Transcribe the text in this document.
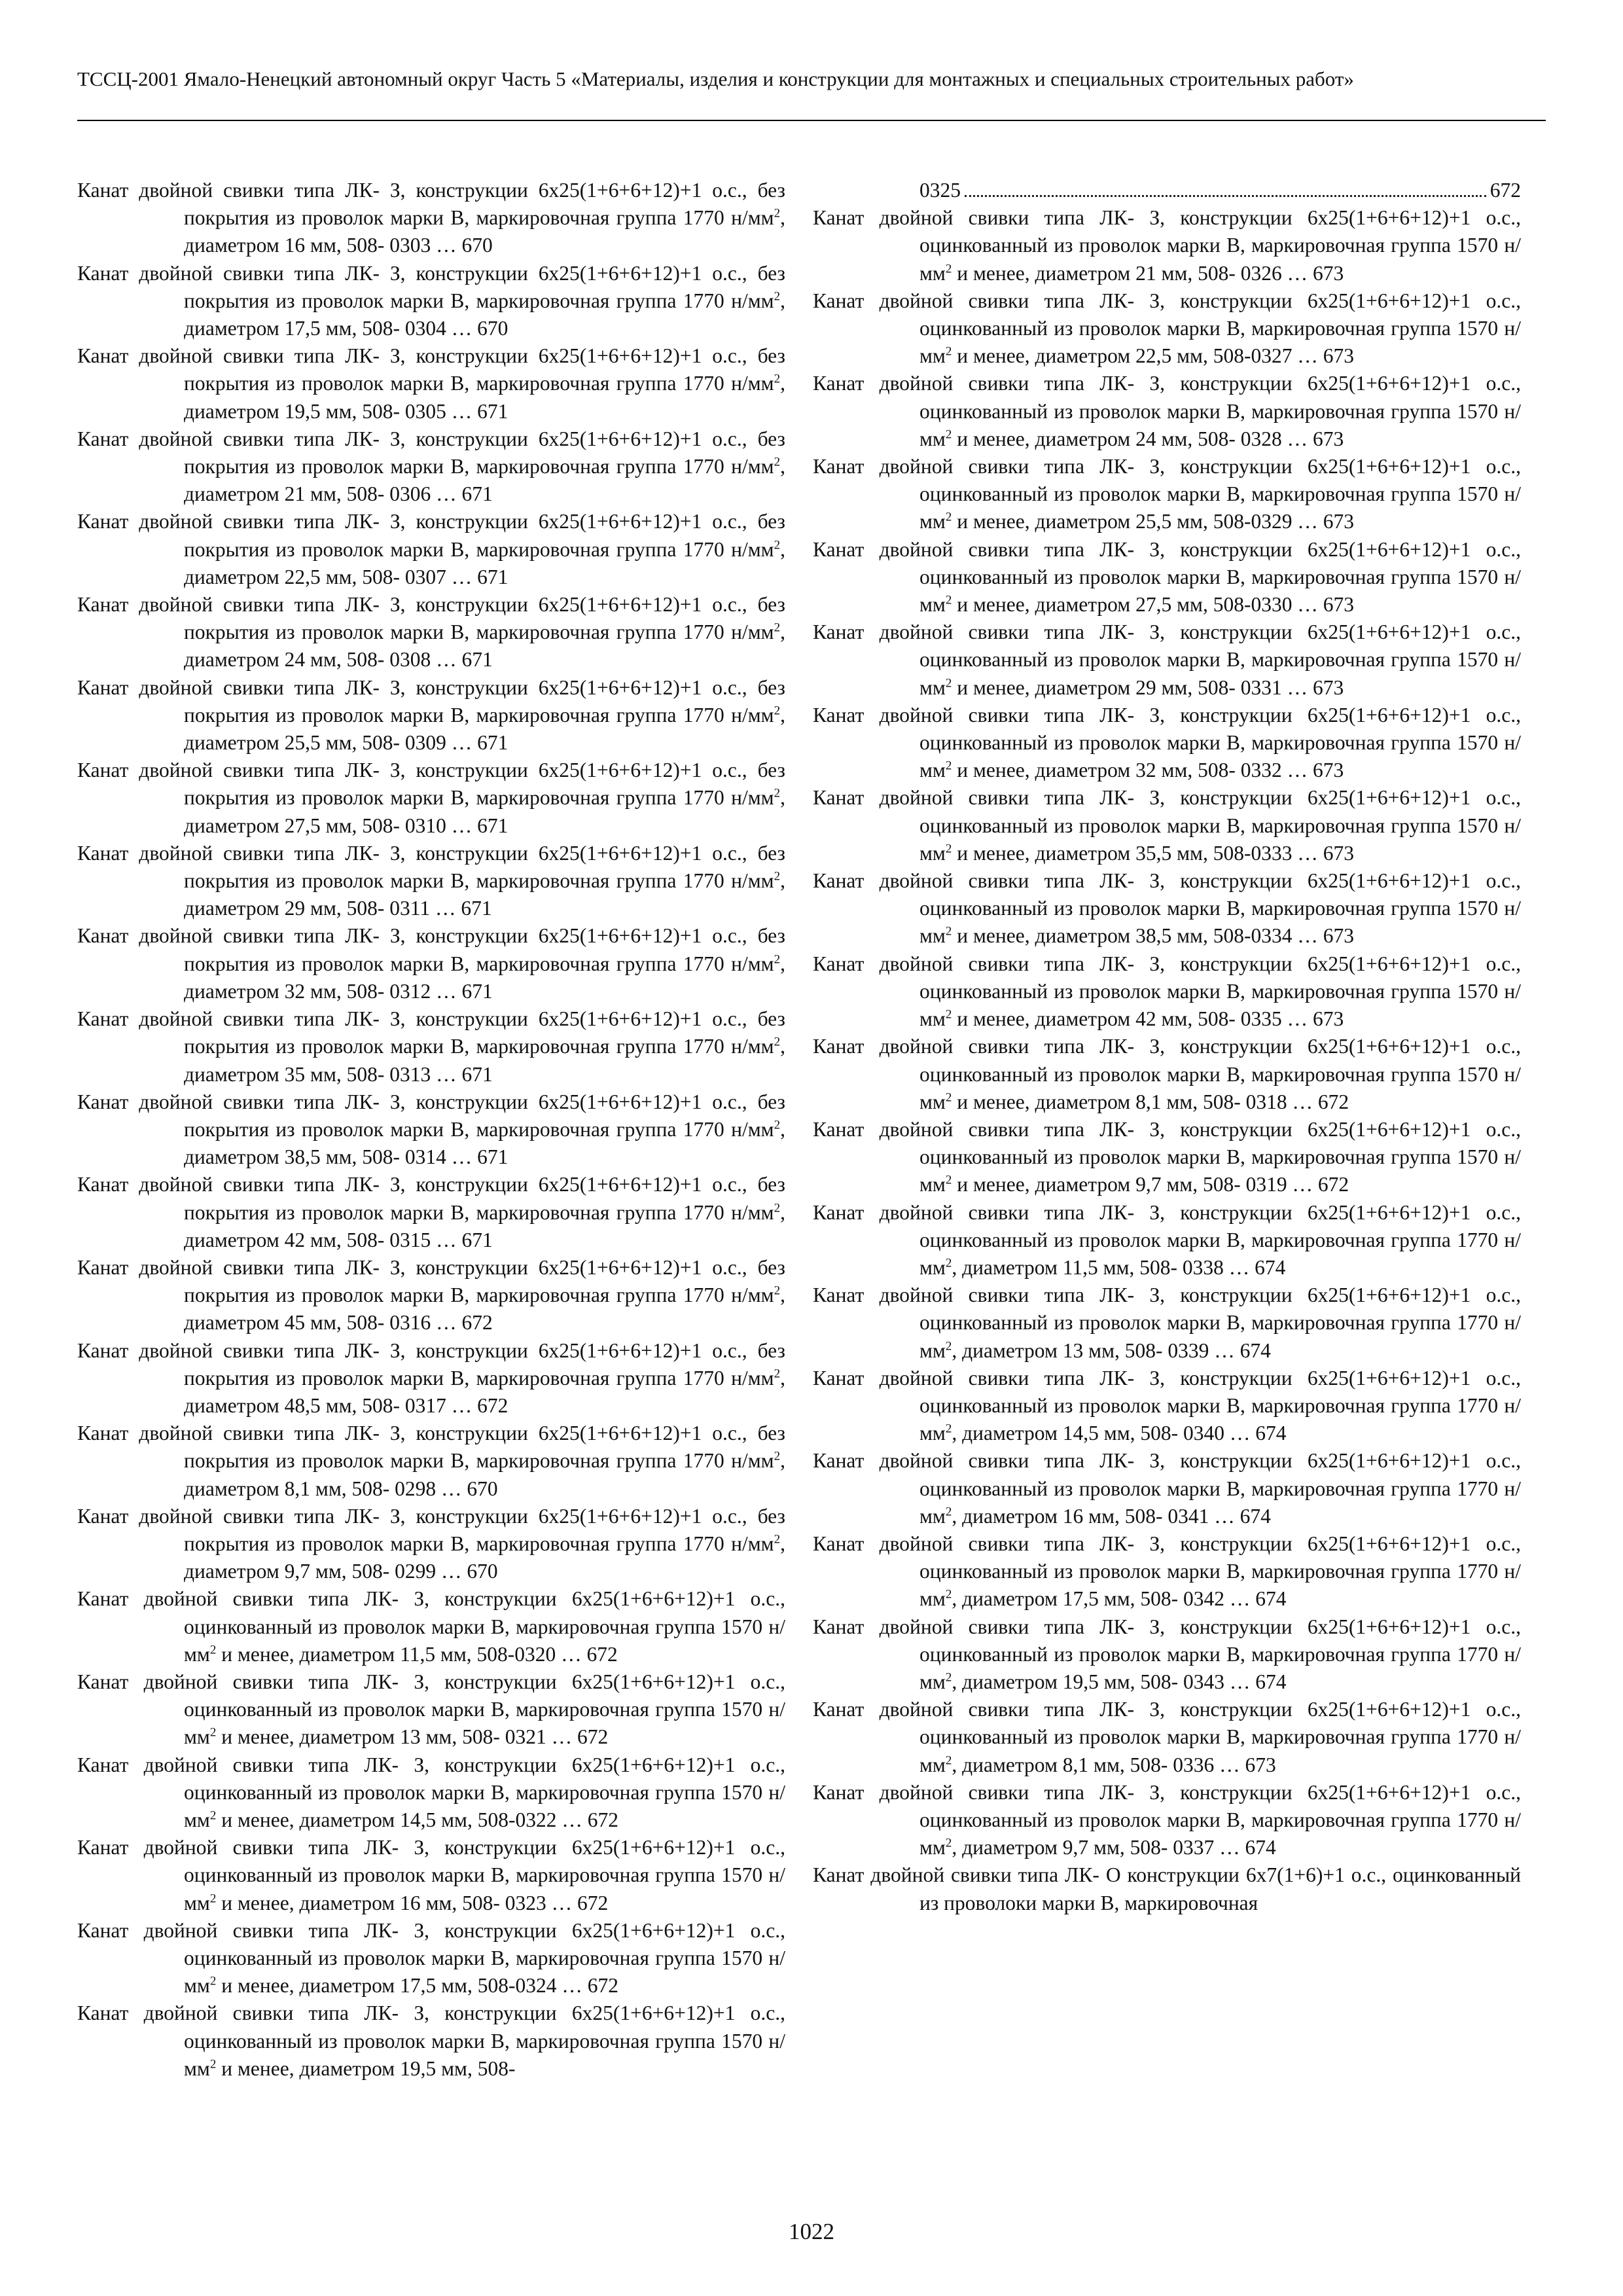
ТССЦ-2001 Ямало-Ненецкий автономный округ Часть 5 «Материалы, изделия и конструкции для монтажных и специальных строительных работ»
Канат двойной свивки типа ЛК- З, конструкции 6х25(1+6+6+12)+1 о.с., без покрытия из проволок марки В, маркировочная группа 1770 $н/мм^2$, диаметром 16 мм, 508- 0303 … 670
Канат двойной свивки типа ЛК- З, конструкции 6х25(1+6+6+12)+1 о.с., без покрытия из проволок марки В, маркировочная группа 1770 $н/мм^2$, диаметром 17,5 мм, 508- 0304 … 670
Канат двойной свивки типа ЛК- З, конструкции 6х25(1+6+6+12)+1 о.с., без покрытия из проволок марки В, маркировочная группа 1770 $н/мм^2$, диаметром 19,5 мм, 508- 0305 … 671
Канат двойной свивки типа ЛК- З, конструкции 6х25(1+6+6+12)+1 о.с., без покрытия из проволок марки В, маркировочная группа 1770 $н/мм^2$, диаметром 21 мм, 508- 0306 … 671
Канат двойной свивки типа ЛК- З, конструкции 6х25(1+6+6+12)+1 о.с., без покрытия из проволок марки В, маркировочная группа 1770 $н/мм^2$, диаметром 22,5 мм, 508- 0307 … 671
Канат двойной свивки типа ЛК- З, конструкции 6х25(1+6+6+12)+1 о.с., без покрытия из проволок марки В, маркировочная группа 1770 $н/мм^2$, диаметром 24 мм, 508- 0308 … 671
Канат двойной свивки типа ЛК- З, конструкции 6х25(1+6+6+12)+1 о.с., без покрытия из проволок марки В, маркировочная группа 1770 $н/мм^2$, диаметром 25,5 мм, 508- 0309 … 671
Канат двойной свивки типа ЛК- З, конструкции 6х25(1+6+6+12)+1 о.с., без покрытия из проволок марки В, маркировочная группа 1770 $н/мм^2$, диаметром 27,5 мм, 508- 0310 … 671
Канат двойной свивки типа ЛК- З, конструкции 6х25(1+6+6+12)+1 о.с., без покрытия из проволок марки В, маркировочная группа 1770 $н/мм^2$, диаметром 29 мм, 508- 0311 … 671
Канат двойной свивки типа ЛК- З, конструкции 6х25(1+6+6+12)+1 о.с., без покрытия из проволок марки В, маркировочная группа 1770 $н/мм^2$, диаметром 32 мм, 508- 0312 … 671
Канат двойной свивки типа ЛК- З, конструкции 6х25(1+6+6+12)+1 о.с., без покрытия из проволок марки В, маркировочная группа 1770 $н/мм^2$, диаметром 35 мм, 508- 0313 … 671
Канат двойной свивки типа ЛК- З, конструкции 6х25(1+6+6+12)+1 о.с., без покрытия из проволок марки В, маркировочная группа 1770 $н/мм^2$, диаметром 38,5 мм, 508- 0314 … 671
Канат двойной свивки типа ЛК- З, конструкции 6х25(1+6+6+12)+1 о.с., без покрытия из проволок марки В, маркировочная группа 1770 $н/мм^2$, диаметром 42 мм, 508- 0315 … 671
Канат двойной свивки типа ЛК- З, конструкции 6х25(1+6+6+12)+1 о.с., без покрытия из проволок марки В, маркировочная группа 1770 $н/мм^2$, диаметром 45 мм, 508- 0316 … 672
Канат двойной свивки типа ЛК- З, конструкции 6х25(1+6+6+12)+1 о.с., без покрытия из проволок марки В, маркировочная группа 1770 $н/мм^2$, диаметром 48,5 мм, 508- 0317 … 672
Канат двойной свивки типа ЛК- З, конструкции 6х25(1+6+6+12)+1 о.с., без покрытия из проволок марки В, маркировочная группа 1770 $н/мм^2$, диаметром 8,1 мм, 508- 0298 … 670
Канат двойной свивки типа ЛК- З, конструкции 6х25(1+6+6+12)+1 о.с., без покрытия из проволок марки В, маркировочная группа 1770 $н/мм^2$, диаметром 9,7 мм, 508- 0299 … 670
Канат двойной свивки типа ЛК- З, конструкции 6х25(1+6+6+12)+1 о.с., оцинкованный из проволок марки В, маркировочная группа 1570 $н/мм^2$ и менее, диаметром 11,5 мм, 508-0320 … 672
Канат двойной свивки типа ЛК- З, конструкции 6х25(1+6+6+12)+1 о.с., оцинкованный из проволок марки В, маркировочная группа 1570 $н/мм^2$ и менее, диаметром 13 мм, 508- 0321 … 672
Канат двойной свивки типа ЛК- З, конструкции 6х25(1+6+6+12)+1 о.с., оцинкованный из проволок марки В, маркировочная группа 1570 $н/мм^2$ и менее, диаметром 14,5 мм, 508-0322 … 672
Канат двойной свивки типа ЛК- З, конструкции 6х25(1+6+6+12)+1 о.с., оцинкованный из проволок марки В, маркировочная группа 1570 $н/мм^2$ и менее, диаметром 16 мм, 508- 0323 … 672
Канат двойной свивки типа ЛК- З, конструкции 6х25(1+6+6+12)+1 о.с., оцинкованный из проволок марки В, маркировочная группа 1570 $н/мм^2$ и менее, диаметром 17,5 мм, 508-0324 … 672
Канат двойной свивки типа ЛК- З, конструкции 6х25(1+6+6+12)+1 о.с., оцинкованный из проволок марки В, маркировочная группа 1570 $н/мм^2$ и менее, диаметром 19,5 мм, 508-
0325	672
Канат двойной свивки типа ЛК- З, конструкции 6х25(1+6+6+12)+1 о.с., оцинкованный из проволок марки В, маркировочная группа 1570 $н/мм^2$ и менее, диаметром 21 мм, 508- 0326 … 673
Канат двойной свивки типа ЛК- З, конструкции 6х25(1+6+6+12)+1 о.с., оцинкованный из проволок марки В, маркировочная группа 1570 $н/мм^2$ и менее, диаметром 22,5 мм, 508-0327 … 673
Канат двойной свивки типа ЛК- З, конструкции 6х25(1+6+6+12)+1 о.с., оцинкованный из проволок марки В, маркировочная группа 1570 $н/мм^2$ и менее, диаметром 24 мм, 508- 0328 … 673
Канат двойной свивки типа ЛК- З, конструкции 6х25(1+6+6+12)+1 о.с., оцинкованный из проволок марки В, маркировочная группа 1570 $н/мм^2$ и менее, диаметром 25,5 мм, 508-0329 … 673
Канат двойной свивки типа ЛК- З, конструкции 6х25(1+6+6+12)+1 о.с., оцинкованный из проволок марки В, маркировочная группа 1570 $н/мм^2$ и менее, диаметром 27,5 мм, 508-0330 … 673
Канат двойной свивки типа ЛК- З, конструкции 6х25(1+6+6+12)+1 о.с., оцинкованный из проволок марки В, маркировочная группа 1570 $н/мм^2$ и менее, диаметром 29 мм, 508- 0331 … 673
Канат двойной свивки типа ЛК- З, конструкции 6х25(1+6+6+12)+1 о.с., оцинкованный из проволок марки В, маркировочная группа 1570 $н/мм^2$ и менее, диаметром 32 мм, 508- 0332 … 673
Канат двойной свивки типа ЛК- З, конструкции 6х25(1+6+6+12)+1 о.с., оцинкованный из проволок марки В, маркировочная группа 1570 $н/мм^2$ и менее, диаметром 35,5 мм, 508-0333 … 673
Канат двойной свивки типа ЛК- З, конструкции 6х25(1+6+6+12)+1 о.с., оцинкованный из проволок марки В, маркировочная группа 1570 $н/мм^2$ и менее, диаметром 38,5 мм, 508-0334 … 673
Канат двойной свивки типа ЛК- З, конструкции 6х25(1+6+6+12)+1 о.с., оцинкованный из проволок марки В, маркировочная группа 1570 $н/мм^2$ и менее, диаметром 42 мм, 508- 0335 … 673
Канат двойной свивки типа ЛК- З, конструкции 6х25(1+6+6+12)+1 о.с., оцинкованный из проволок марки В, маркировочная группа 1570 $н/мм^2$ и менее, диаметром 8,1 мм, 508- 0318 … 672
Канат двойной свивки типа ЛК- З, конструкции 6х25(1+6+6+12)+1 о.с., оцинкованный из проволок марки В, маркировочная группа 1570 $н/мм^2$ и менее, диаметром 9,7 мм, 508- 0319 … 672
Канат двойной свивки типа ЛК- З, конструкции 6х25(1+6+6+12)+1 о.с., оцинкованный из проволок марки В, маркировочная группа 1770 $н/мм^2$, диаметром 11,5 мм, 508- 0338 … 674
Канат двойной свивки типа ЛК- З, конструкции 6х25(1+6+6+12)+1 о.с., оцинкованный из проволок марки В, маркировочная группа 1770 $н/мм^2$, диаметром 13 мм, 508- 0339 … 674
Канат двойной свивки типа ЛК- З, конструкции 6х25(1+6+6+12)+1 о.с., оцинкованный из проволок марки В, маркировочная группа 1770 $н/мм^2$, диаметром 14,5 мм, 508- 0340 … 674
Канат двойной свивки типа ЛК- З, конструкции 6х25(1+6+6+12)+1 о.с., оцинкованный из проволок марки В, маркировочная группа 1770 $н/мм^2$, диаметром 16 мм, 508- 0341 … 674
Канат двойной свивки типа ЛК- З, конструкции 6х25(1+6+6+12)+1 о.с., оцинкованный из проволок марки В, маркировочная группа 1770 $н/мм^2$, диаметром 17,5 мм, 508- 0342 … 674
Канат двойной свивки типа ЛК- З, конструкции 6х25(1+6+6+12)+1 о.с., оцинкованный из проволок марки В, маркировочная группа 1770 $н/мм^2$, диаметром 19,5 мм, 508- 0343 … 674
Канат двойной свивки типа ЛК- З, конструкции 6х25(1+6+6+12)+1 о.с., оцинкованный из проволок марки В, маркировочная группа 1770 $н/мм^2$, диаметром 8,1 мм, 508- 0336 … 673
Канат двойной свивки типа ЛК- З, конструкции 6х25(1+6+6+12)+1 о.с., оцинкованный из проволок марки В, маркировочная группа 1770 $н/мм^2$, диаметром 9,7 мм, 508- 0337 … 674
Канат двойной свивки типа ЛК- О конструкции 6х7(1+6)+1 о.с., оцинкованный из проволоки марки В, маркировочная
1022
